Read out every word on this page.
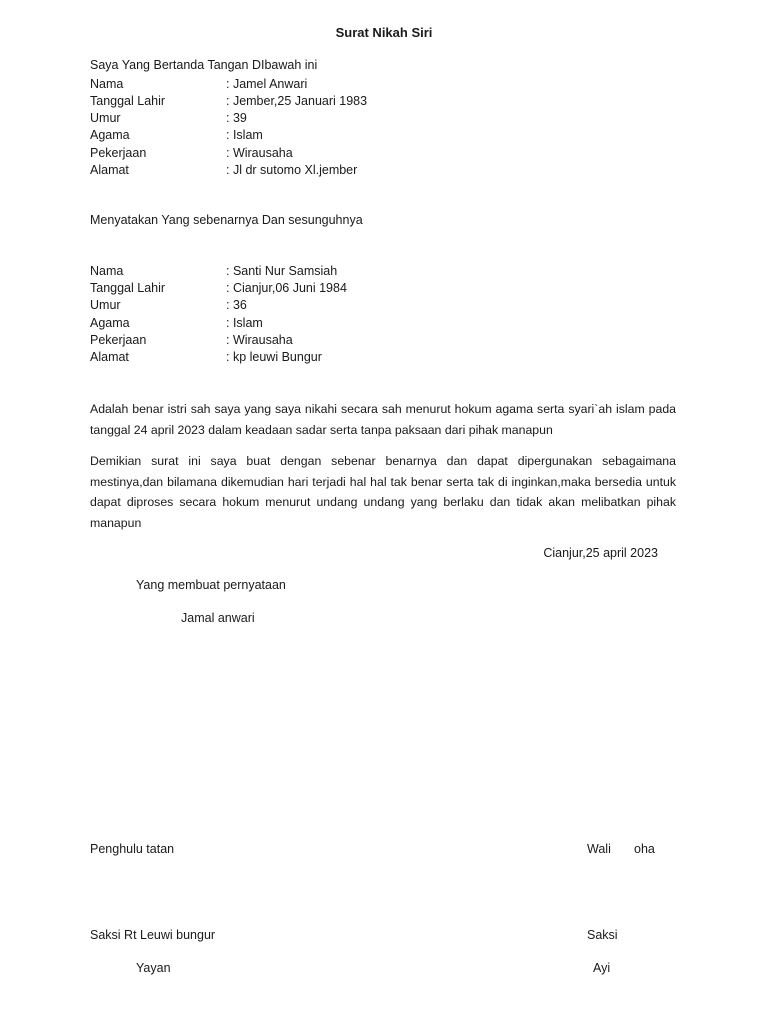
Surat Nikah Siri
Saya Yang Bertanda Tangan DIbawah ini
Nama	: Jamel Anwari
Tanggal Lahir	: Jember,25 Januari 1983
Umur	: 39
Agama	: Islam
Pekerjaan	: Wirausaha
Alamat	: Jl dr sutomo Xl.jember
Menyatakan Yang sebenarnya Dan sesunguhnya
Nama	: Santi Nur Samsiah
Tanggal Lahir	: Cianjur,06 Juni 1984
Umur	: 36
Agama	: Islam
Pekerjaan	: Wirausaha
Alamat	: kp leuwi Bungur
Adalah benar istri sah saya yang saya nikahi secara sah menurut hokum agama serta syari`ah islam pada tanggal 24 april 2023 dalam keadaan sadar serta tanpa paksaan dari pihak manapun
Demikian surat ini saya buat dengan sebenar benarnya dan dapat dipergunakan sebagaimana mestinya,dan bilamana dikemudian hari terjadi hal hal tak benar serta tak di inginkan,maka bersedia untuk dapat diproses secara hokum menurut undang undang yang berlaku dan tidak akan melibatkan pihak manapun
Cianjur,25 april 2023
Yang membuat pernyataan
Jamal anwari
Penghulu tatan	Wali oha
Saksi Rt Leuwi bungur	Saksi
Yayan	Ayi
